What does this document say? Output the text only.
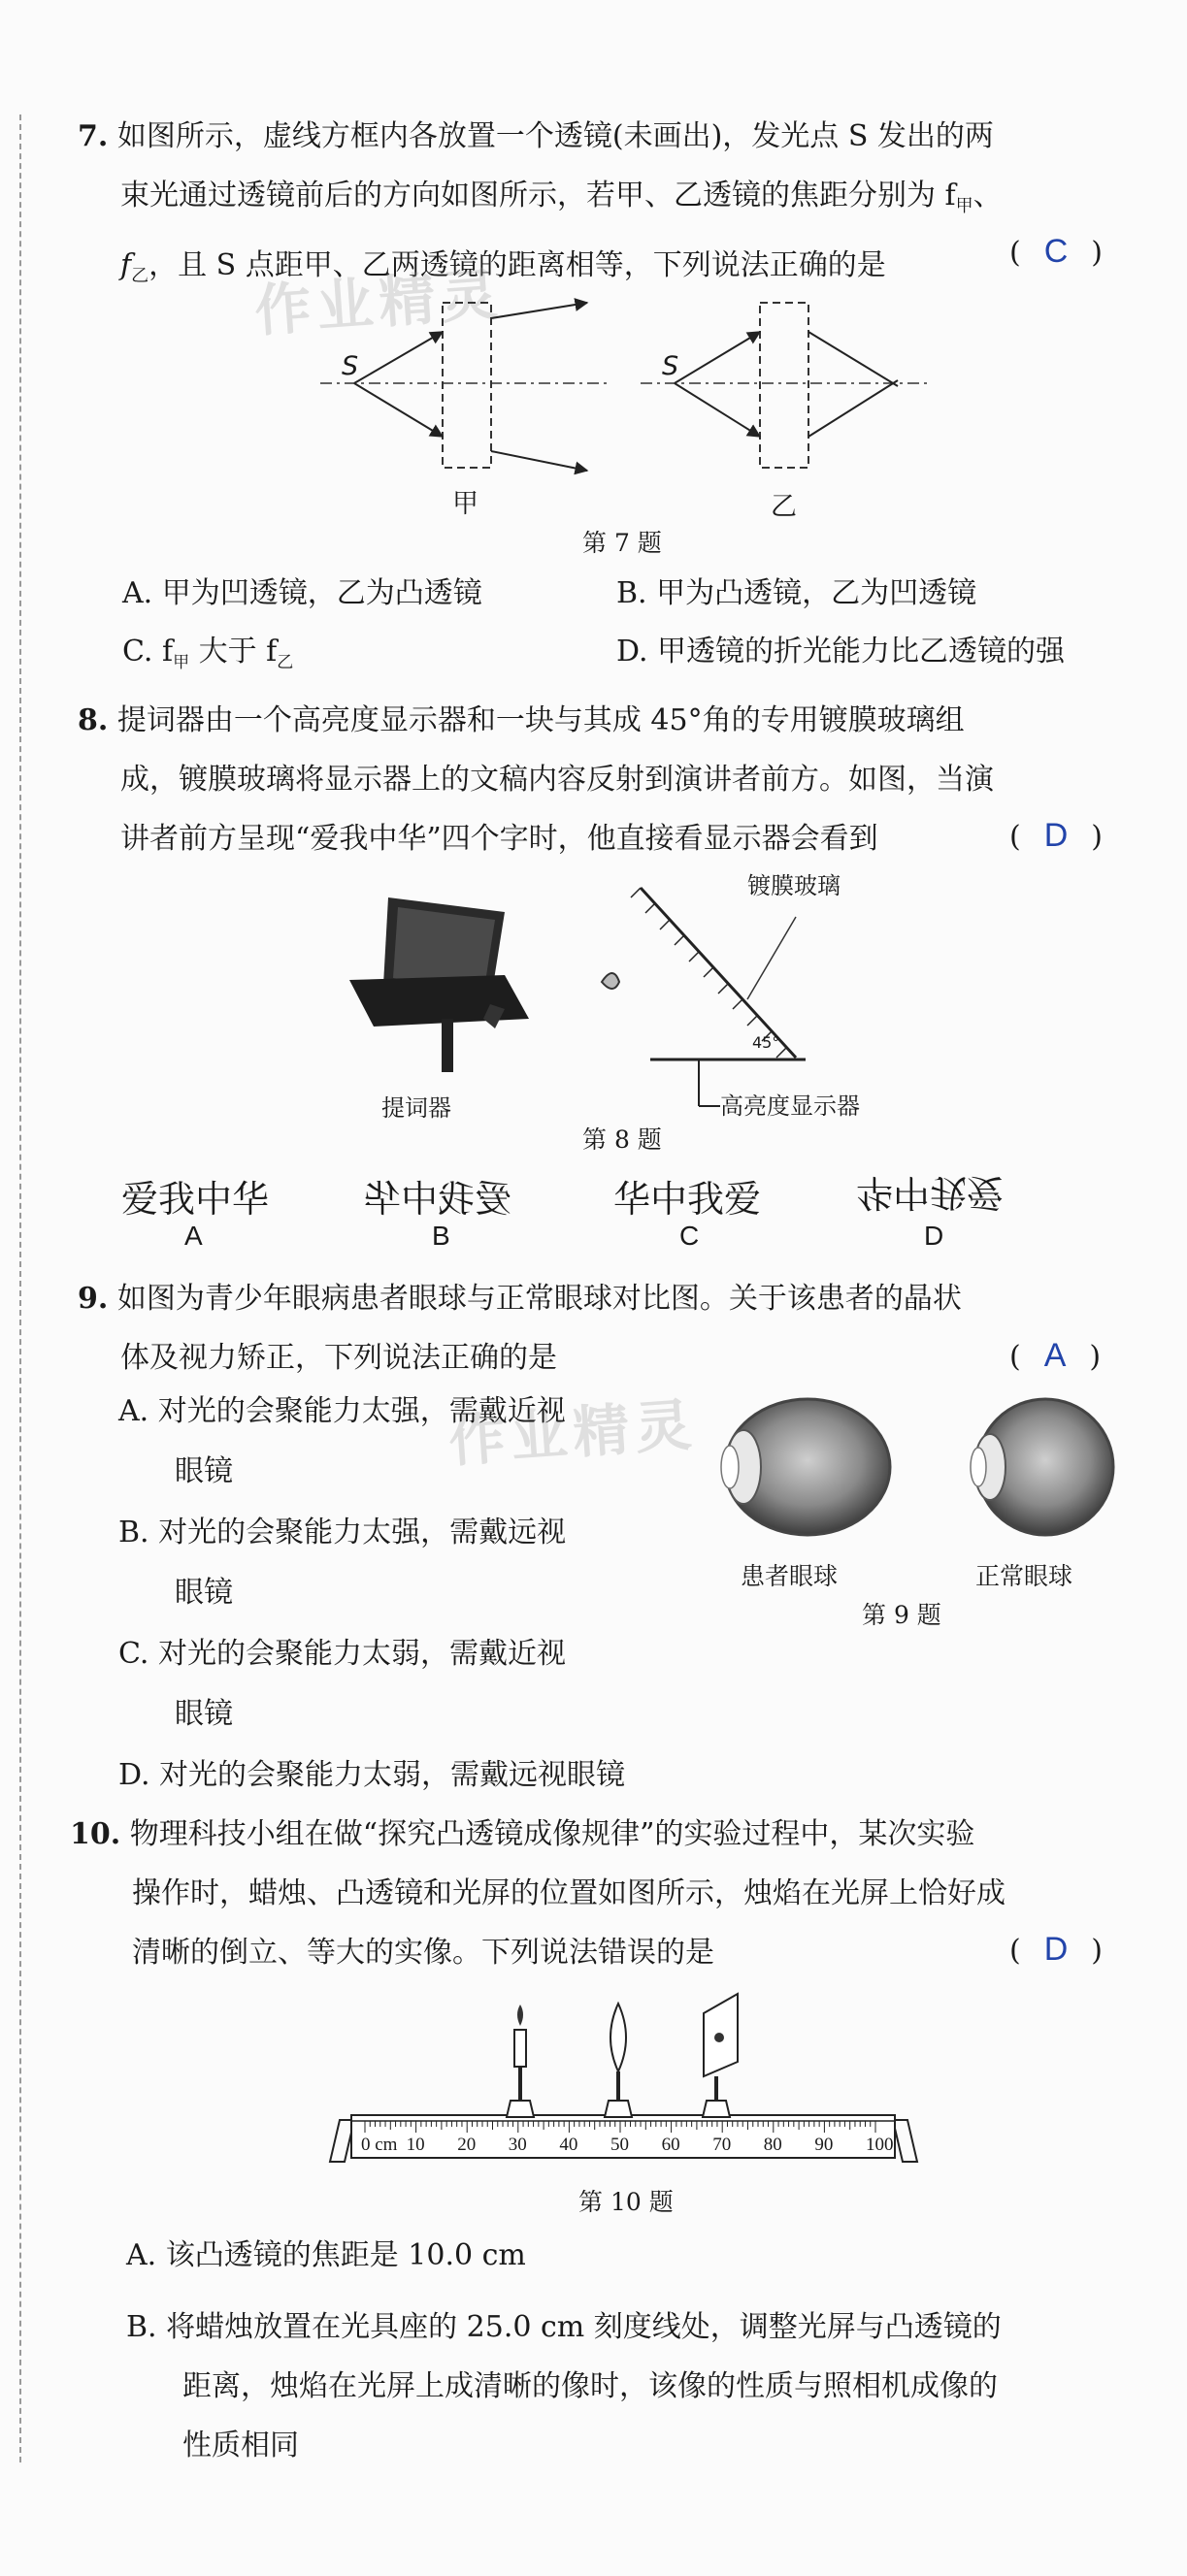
7. 如图所示，虚线方框内各放置一个透镜(未画出)，发光点 S 发出的两
束光通过透镜前后的方向如图所示，若甲、乙透镜的焦距分别为 $f_甲$、
$f_乙$，且 S 点距甲、乙两透镜的距离相等，下列说法正确的是	( C )
作业精灵
S	S
甲	乙
第 7 题
A. 甲为凹透镜，乙为凸透镜	B. 甲为凸透镜，乙为凹透镜
C. $f_甲$ 大于 $f_乙$	D. 甲透镜的折光能力比乙透镜的强
8. 提词器由一个高亮度显示器和一块与其成 45°角的专用镀膜玻璃组
成，镀膜玻璃将显示器上的文稿内容反射到演讲者前方。如图，当演
讲者前方呈现“爱我中华”四个字时，他直接看显示器会看到	( D )
镀膜玻璃
45°
高亮度显示器
提词器
第 8 题
爱我中华	爱我中华	华中我爱	华中我爱
A	B	C	D
9. 如图为青少年眼病患者眼球与正常眼球对比图。关于该患者的晶状
体及视力矫正，下列说法正确的是	( A )
作业精灵
A. 对光的会聚能力太强，需戴近视
眼镜
B. 对光的会聚能力太强，需戴远视
眼镜
C. 对光的会聚能力太弱，需戴近视
眼镜
D. 对光的会聚能力太弱，需戴远视眼镜
患者眼球	正常眼球
第 9 题
10. 物理科技小组在做“探究凸透镜成像规律”的实验过程中，某次实验
操作时，蜡烛、凸透镜和光屏的位置如图所示，烛焰在光屏上恰好成
清晰的倒立、等大的实像。下列说法错误的是	( D )
0 cm 10 20 30 40 50 60 70 80 90 100
第 10 题
A. 该凸透镜的焦距是 10.0 cm
B. 将蜡烛放置在光具座的 25.0 cm 刻度线处，调整光屏与凸透镜的
距离，烛焰在光屏上成清晰的像时，该像的性质与照相机成像的
性质相同
